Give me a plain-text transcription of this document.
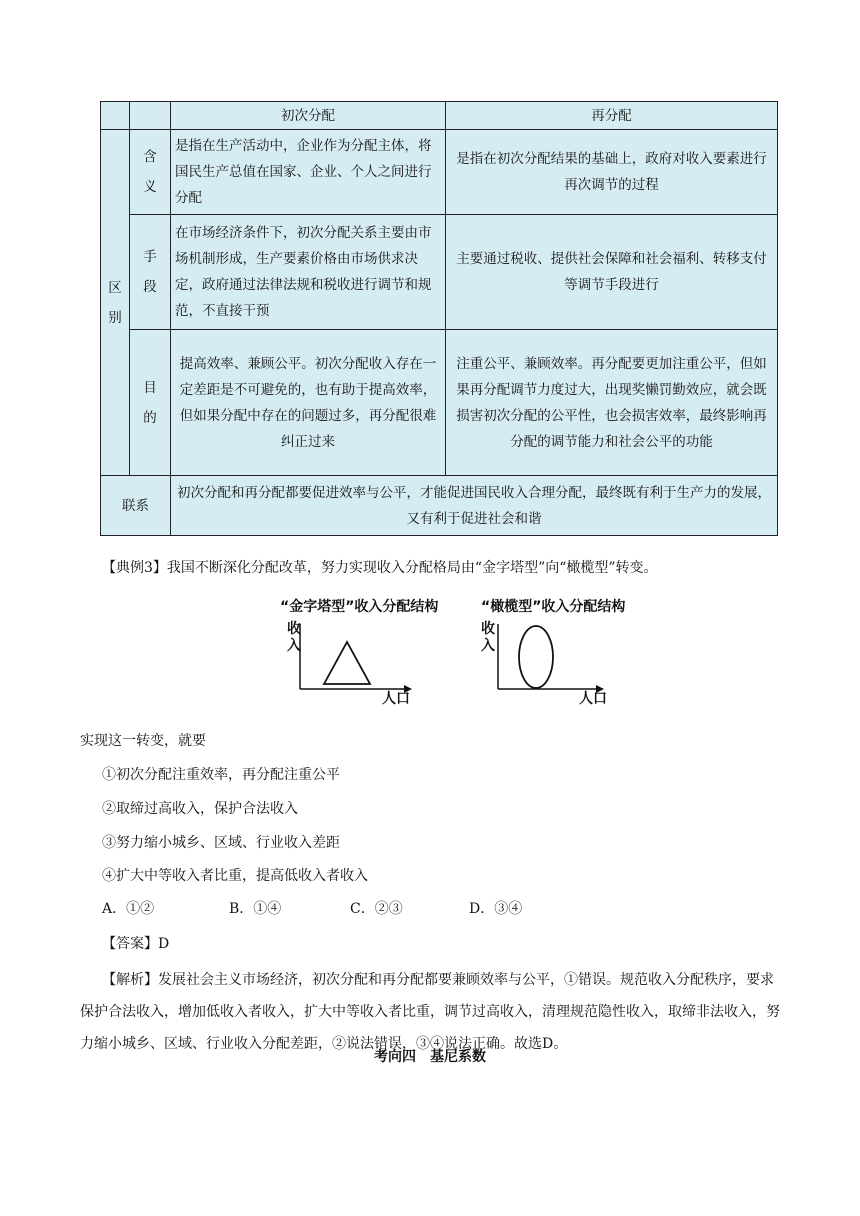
		初次分配	再分配
区别	含义	是指在生产活动中，企业作为分配主体，将国民生产总值在国家、企业、个人之间进行分配	是指在初次分配结果的基础上，政府对收入要素进行再次调节的过程
	手段	在市场经济条件下，初次分配关系主要由市场机制形成，生产要素价格由市场供求决定，政府通过法律法规和税收进行调节和规范，不直接干预	主要通过税收、提供社会保障和社会福利、转移支付等调节手段进行
	目的	提高效率、兼顾公平。初次分配收入存在一定差距是不可避免的，也有助于提高效率，但如果分配中存在的问题过多，再分配很难纠正过来	注重公平、兼顾效率。再分配要更加注重公平，但如果再分配调节力度过大，出现奖懒罚勤效应，就会既损害初次分配的公平性，也会损害效率，最终影响再分配的调节能力和社会公平的功能
联系		初次分配和再分配都要促进效率与公平，才能促进国民收入合理分配，最终既有利于生产力的发展，又有利于促进社会和谐	
【典例3】我国不断深化分配改革，努力实现收入分配格局由“金字塔型”向“橄榄型”转变。
“金字塔型”收入分配结构
收入
人口
“橄榄型”收入分配结构
收入
人口
实现这一转变，就要
①初次分配注重效率，再分配注重公平
②取缔过高收入，保护合法收入
③努力缩小城乡、区域、行业收入差距
④扩大中等收入者比重，提高低收入者收入
A．①②	B．①④	C．②③	D．③④
【答案】D
【解析】发展社会主义市场经济，初次分配和再分配都要兼顾效率与公平，①错误。规范收入分配秩序，要求保护合法收入，增加低收入者收入，扩大中等收入者比重，调节过高收入，清理规范隐性收入，取缔非法收入，努力缩小城乡、区域、行业收入分配差距，②说法错误，③④说法正确。故选D。
考向四　基尼系数
